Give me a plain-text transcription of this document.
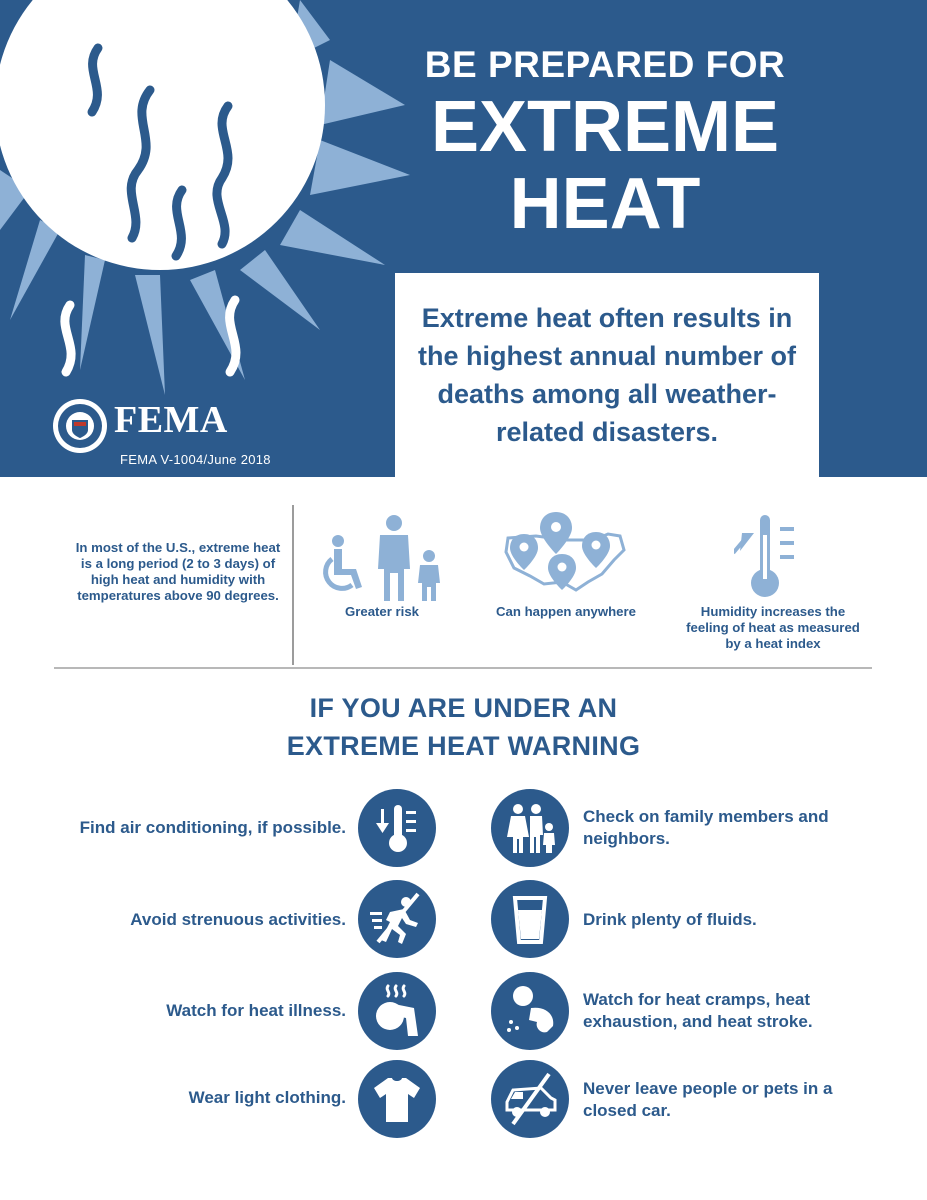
BE PREPARED FOR
EXTREME
HEAT
Extreme heat often results in the highest annual number of deaths among all weather-related disasters.
FEMA
FEMA V-1004/June 2018
In most of the U.S., extreme heat is a long period (2 to 3 days) of high heat and humidity with temperatures above 90 degrees.
Greater risk	Can happen anywhere	Humidity increases the feeling of heat as measured by a heat index
IF YOU ARE UNDER AN
EXTREME HEAT WARNING
Find air conditioning, if possible.
Check on family members and neighbors.
Avoid strenuous activities.	Drink plenty of fluids.
Watch for heat illness.
Watch for heat cramps, heat exhaustion, and heat stroke.
Wear light clothing.	Never leave people or pets in a closed car.
